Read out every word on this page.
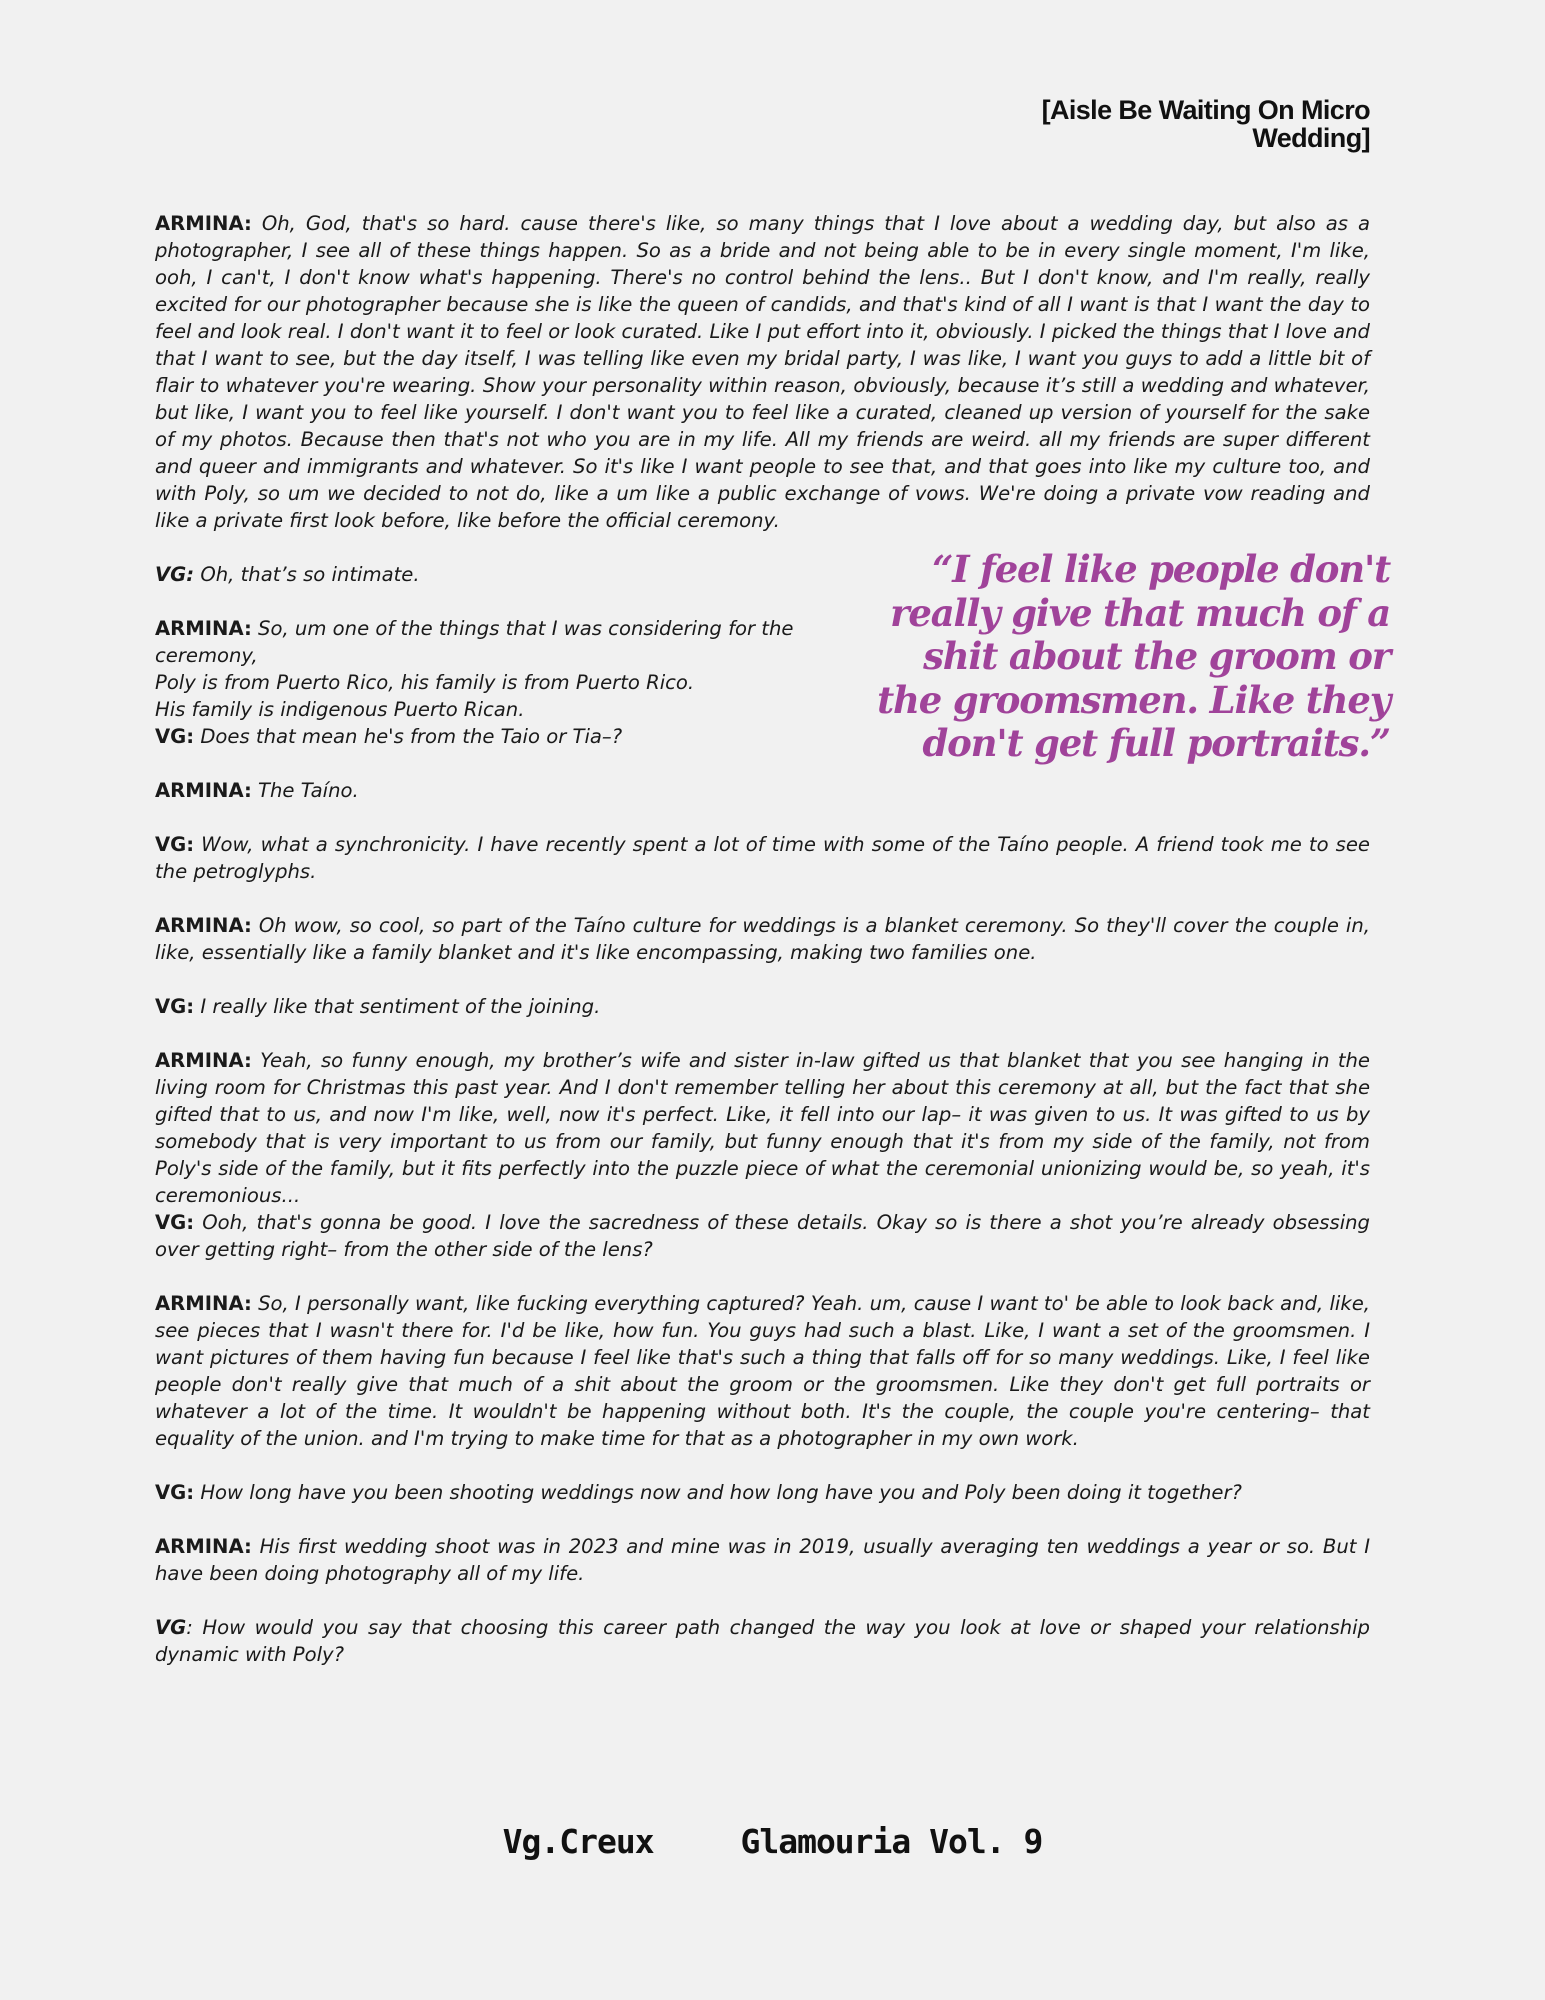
[Aisle Be Waiting On Micro Wedding]

ARMINA: Oh, God, that's so hard. cause there's like, so many things that I love about a wedding day, but also as a photographer, I see all of these things happen. So as a bride and not being able to be in every single moment, I'm like, ooh, I can't, I don't know what's happening. There's no control behind the lens.. But I don't know, and I'm really, really excited for our photographer because she is like the queen of candids, and that's kind of all I want is that I want the day to feel and look real. I don't want it to feel or look curated. Like I put effort into it, obviously. I picked the things that I love and that I want to see, but the day itself, I was telling like even my bridal party, I was like, I want you guys to add a little bit of flair to whatever you're wearing. Show your personality within reason, obviously, because it’s still a wedding and whatever, but like, I want you to feel like yourself. I don't want you to feel like a curated, cleaned up version of yourself for the sake of my photos. Because then that's not who you are in my life. All my friends are weird. all my friends are super different and queer and immigrants and whatever. So it's like I want people to see that, and that goes into like my culture too, and with Poly, so um we decided to not do, like a um like a public exchange of vows. We're doing a private vow reading and like a private first look before, like before the official ceremony.

VG: Oh, that’s so intimate.

ARMINA: So, um one of the things that I was considering for the ceremony,
Poly is from Puerto Rico, his family is from Puerto Rico.
His family is indigenous Puerto Rican.

VG: Does that mean he's from the Taio or Tia–?

ARMINA: The Taíno.

“I feel like people don't really give that much of a shit about the groom or the groomsmen. Like they don't get full portraits.”

VG: Wow, what a synchronicity. I have recently spent a lot of time with some of the Taíno people. A friend took me to see the petroglyphs.

ARMINA: Oh wow, so cool, so part of the Taíno culture for weddings is a blanket ceremony. So they'll cover the couple in, like, essentially like a family blanket and it's like encompassing, making two families one.

VG: I really like that sentiment of the joining.

ARMINA: Yeah, so funny enough, my brother’s wife and sister in-law gifted us that blanket that you see hanging in the living room for Christmas this past year. And I don't remember telling her about this ceremony at all, but the fact that she gifted that to us, and now I'm like, well, now it's perfect. Like, it fell into our lap– it was given to us. It was gifted to us by somebody that is very important to us from our family, but funny enough that it's from my side of the family, not from Poly's side of the family, but it fits perfectly into the puzzle piece of what the ceremonial unionizing would be, so yeah, it's ceremonious...

VG: Ooh, that's gonna be good. I love the sacredness of these details. Okay so is there a shot you’re already obsessing over getting right– from the other side of the lens?

ARMINA: So, I personally want, like fucking everything captured? Yeah. um, cause I want to' be able to look back and, like, see pieces that I wasn't there for. I'd be like, how fun. You guys had such a blast. Like, I want a set of the groomsmen. I want pictures of them having fun because I feel like that's such a thing that falls off for so many weddings. Like, I feel like people don't really give that much of a shit about the groom or the groomsmen. Like they don't get full portraits or whatever a lot of the time. It wouldn't be happening without both. It's the couple, the couple you're centering– that equality of the union. and I'm trying to make time for that as a photographer in my own work.

VG: How long have you been shooting weddings now and how long have you and Poly been doing it together?

ARMINA: His first wedding shoot was in 2023 and mine was in 2019, usually averaging ten weddings a year or so. But I have been doing photography all of my life.

VG: How would you say that choosing this career path changed the way you look at love or shaped your relationship dynamic with Poly?

Vg.Creux	Glamouria Vol. 9
